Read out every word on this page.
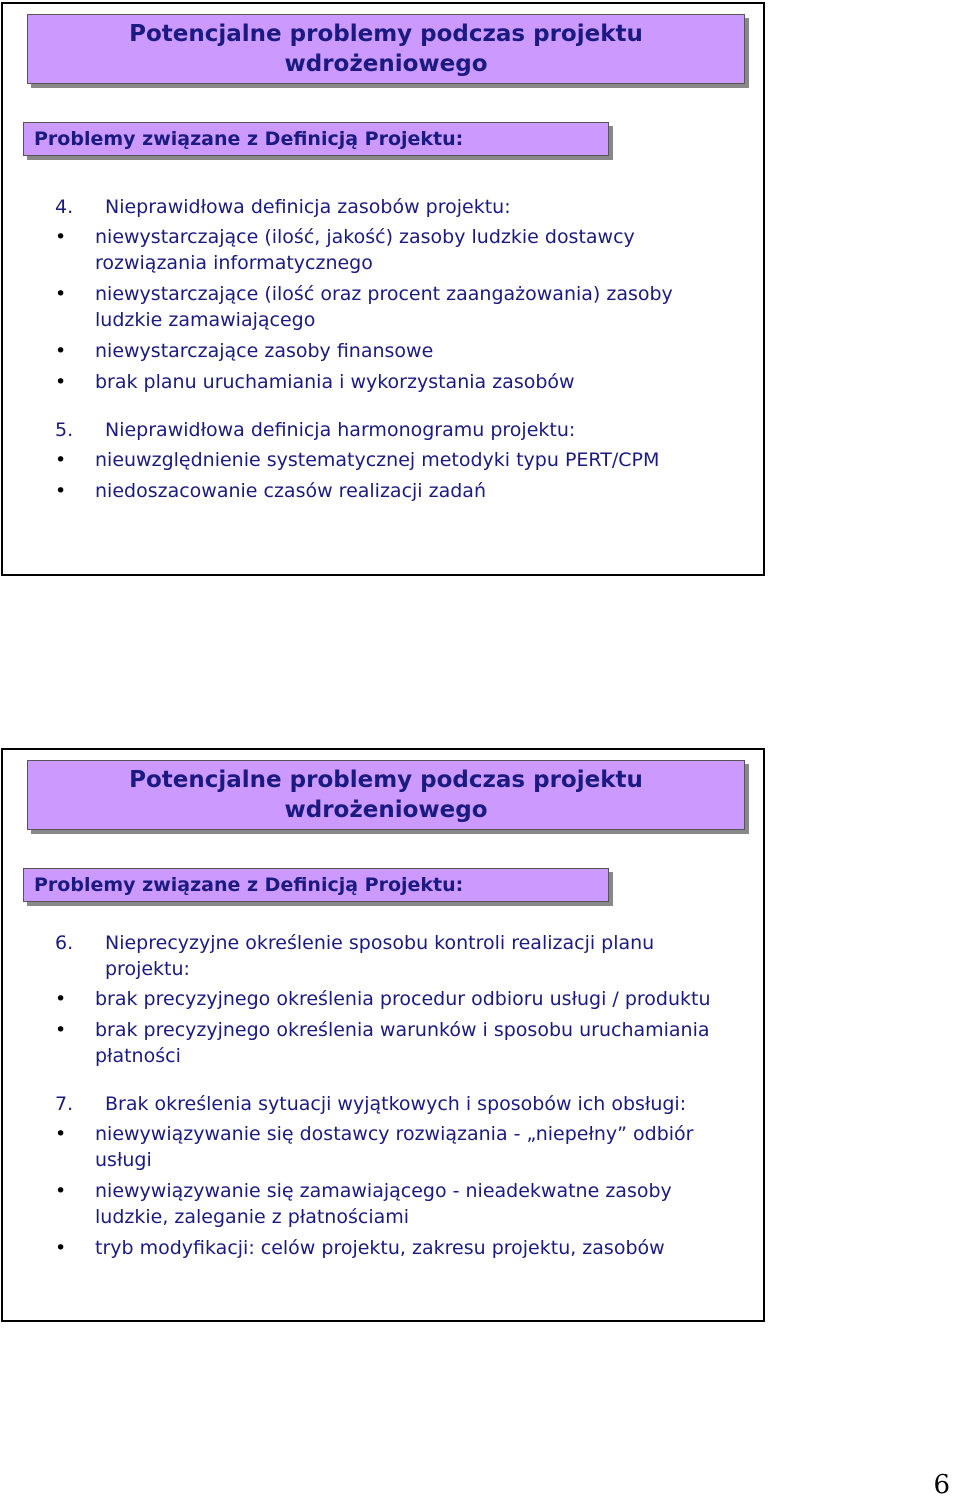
Potencjalne problemy podczas projektu wdrożeniowego
Problemy związane z Definicją Projektu:
4.	Nieprawidłowa definicja zasobów projektu:
•
niewystarczające (ilość, jakość) zasoby ludzkie dostawcy rozwiązania informatycznego
•
niewystarczające (ilość oraz procent zaangażowania) zasoby ludzkie zamawiającego
•
niewystarczające zasoby finansowe
•
brak planu uruchamiania i wykorzystania zasobów
5.	Nieprawidłowa definicja harmonogramu projektu:
•
nieuwzględnienie systematycznej metodyki typu PERT/CPM
•
niedoszacowanie czasów realizacji zadań
Potencjalne problemy podczas projektu wdrożeniowego
Problemy związane z Definicją Projektu:
6.	Nieprecyzyjne określenie sposobu kontroli realizacji planu projektu:
•
brak precyzyjnego określenia procedur odbioru usługi / produktu
•
brak precyzyjnego określenia warunków i sposobu uruchamiania płatności
7.	Brak określenia sytuacji wyjątkowych i sposobów ich obsługi:
•
niewywiązywanie się dostawcy rozwiązania - „niepełny” odbiór usługi
•
niewywiązywanie się zamawiającego - nieadekwatne zasoby ludzkie, zaleganie z płatnościami
•
tryb modyfikacji: celów projektu, zakresu projektu, zasobów
6
